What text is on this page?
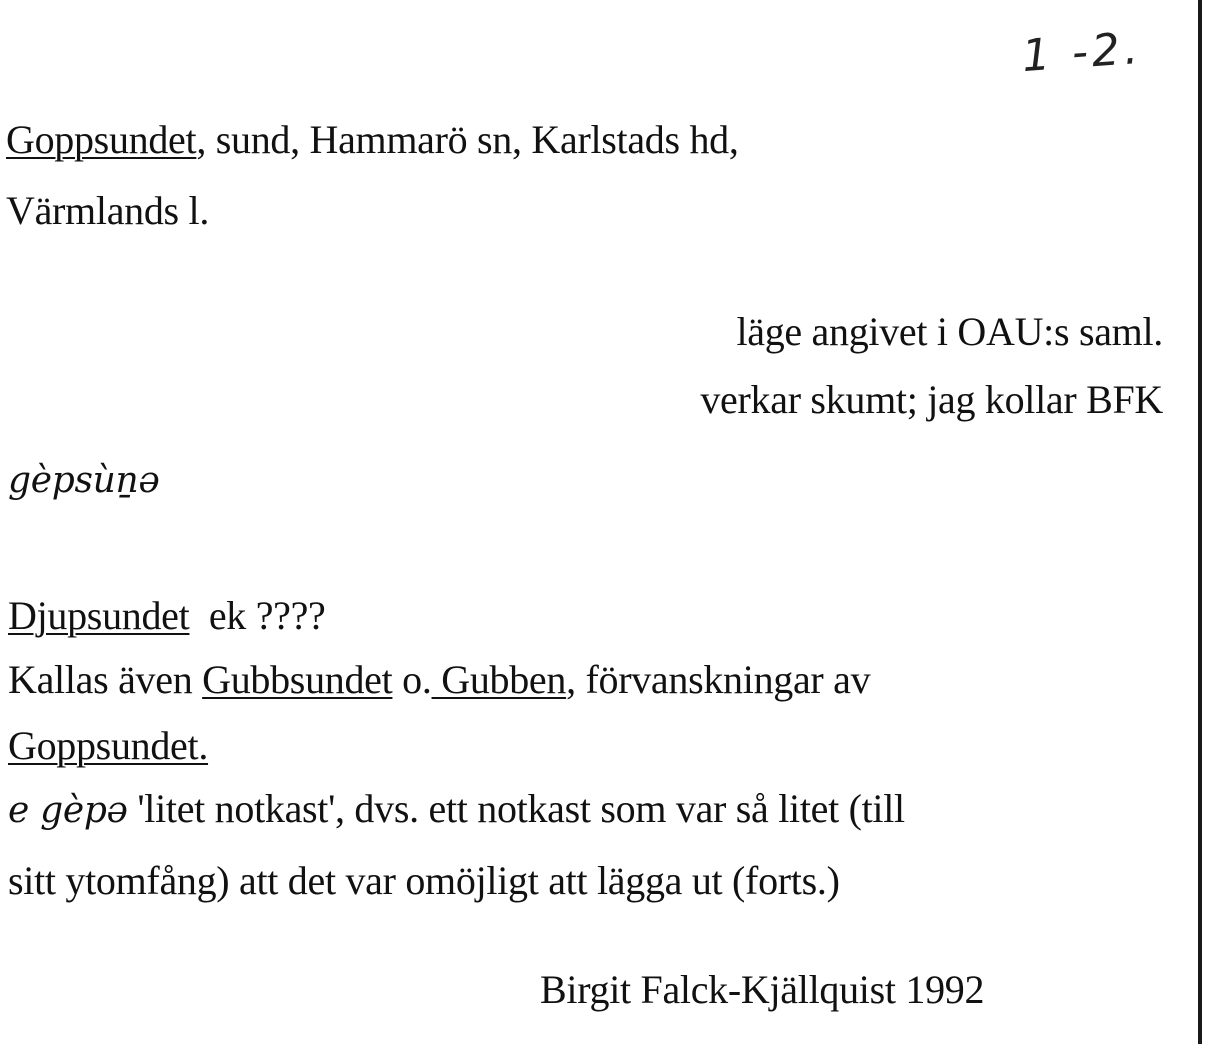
1 -2.
Goppsundet, sund, Hammarö sn, Karlstads hd,
Värmlands l.
läge angivet i OAU:s saml.
verkar skumt; jag kollar BFK
gèpsùṉə
Djupsundet ek ????
Kallas även Gubbsundet o. Gubben, förvanskningar av
Goppsundet.
e gèpə 'litet notkast', dvs. ett notkast som var så litet (till
sitt ytomfång) att det var omöjligt att lägga ut (forts.)
Birgit Falck-Kjällquist 1992
